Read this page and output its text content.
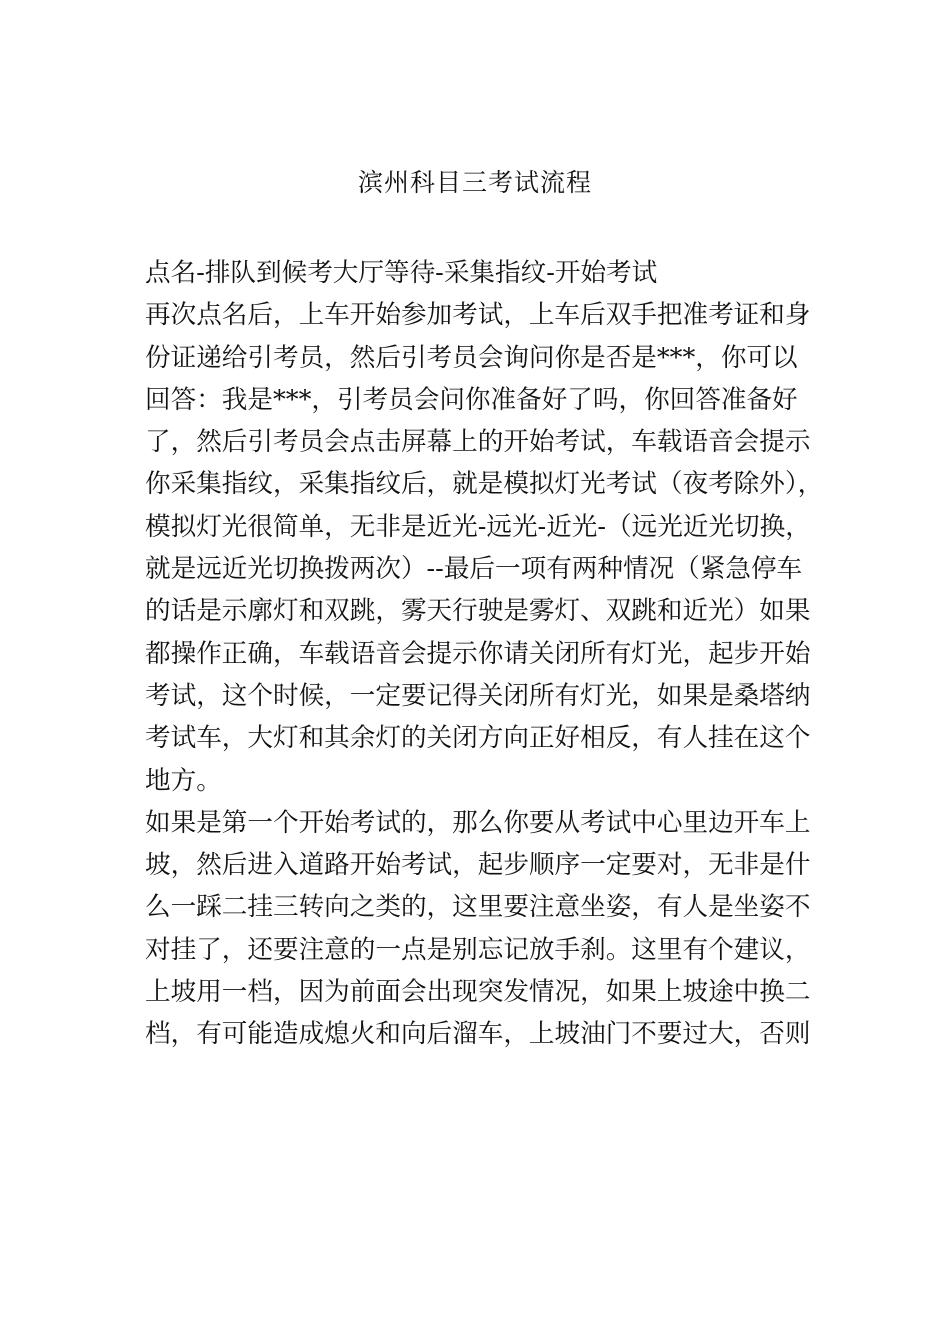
滨州科目三考试流程
点名-排队到候考大厅等待-采集指纹-开始考试
再次点名后，上车开始参加考试，上车后双手把准考证和身
份证递给引考员，然后引考员会询问你是否是***，你可以
回答：我是***，引考员会问你准备好了吗，你回答准备好
了，然后引考员会点击屏幕上的开始考试，车载语音会提示
你采集指纹，采集指纹后，就是模拟灯光考试（夜考除外），
模拟灯光很简单，无非是近光-远光-近光-（远光近光切换，
就是远近光切换拨两次）--最后一项有两种情况（紧急停车
的话是示廓灯和双跳，雾天行驶是雾灯、双跳和近光）如果
都操作正确，车载语音会提示你请关闭所有灯光，起步开始
考试，这个时候，一定要记得关闭所有灯光，如果是桑塔纳
考试车，大灯和其余灯的关闭方向正好相反，有人挂在这个
地方。
如果是第一个开始考试的，那么你要从考试中心里边开车上
坡，然后进入道路开始考试，起步顺序一定要对，无非是什
么一踩二挂三转向之类的，这里要注意坐姿，有人是坐姿不
对挂了，还要注意的一点是别忘记放手刹。这里有个建议，
上坡用一档，因为前面会出现突发情况，如果上坡途中换二
档，有可能造成熄火和向后溜车，上坡油门不要过大，否则
